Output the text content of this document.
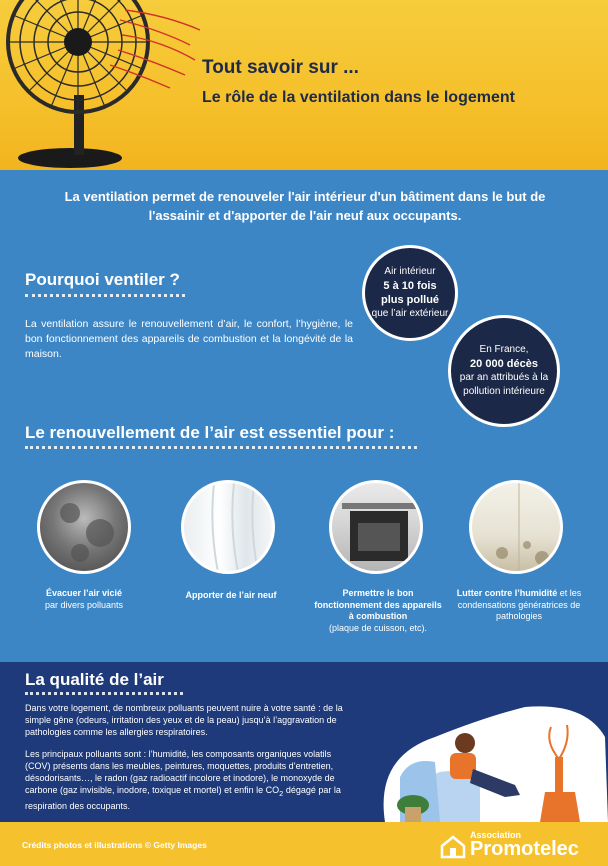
Tout savoir sur ...
Le rôle de la ventilation dans le logement
La ventilation permet de renouveler l'air intérieur d'un bâtiment dans le but de l'assainir et d'apporter de l'air neuf aux occupants.
Pourquoi ventiler ?
La ventilation assure le renouvellement d’air, le confort, l’hygiène, le bon fonctionnement des appareils de combustion et la longévité de la maison.
Air intérieur
5 à 10 fois
plus pollué
que l’air extérieur
En France,
20 000 décès
par an attribués à la pollution intérieure
Le renouvellement de l’air est essentiel pour :
Évacuer l’air vicié
par divers polluants
Apporter de l’air neuf	Permettre le bon fonctionnement des appareils à combustion
(plaque de cuisson, etc).
Lutter contre l’humidité et les condensations génératrices de pathologies
La qualité de l’air
Dans votre logement, de nombreux polluants peuvent nuire à votre santé : de la simple gêne (odeurs, irritation des yeux et de la peau) jusqu’à l’aggravation de pathologies comme les allergies respiratoires.
Les principaux polluants sont : l’humidité, les composants organiques volatils (COV) présents dans les meubles, peintures, moquettes, produits d’entretien, désodorisants…, le radon (gaz radioactif incolore et inodore), le monoxyde de carbone (gaz invisible, inodore, toxique et mortel) et enfin le $CO_2$ dégagé par la respiration des occupants.
Crédits photos et illustrations © Getty Images
Association
Promotelec
